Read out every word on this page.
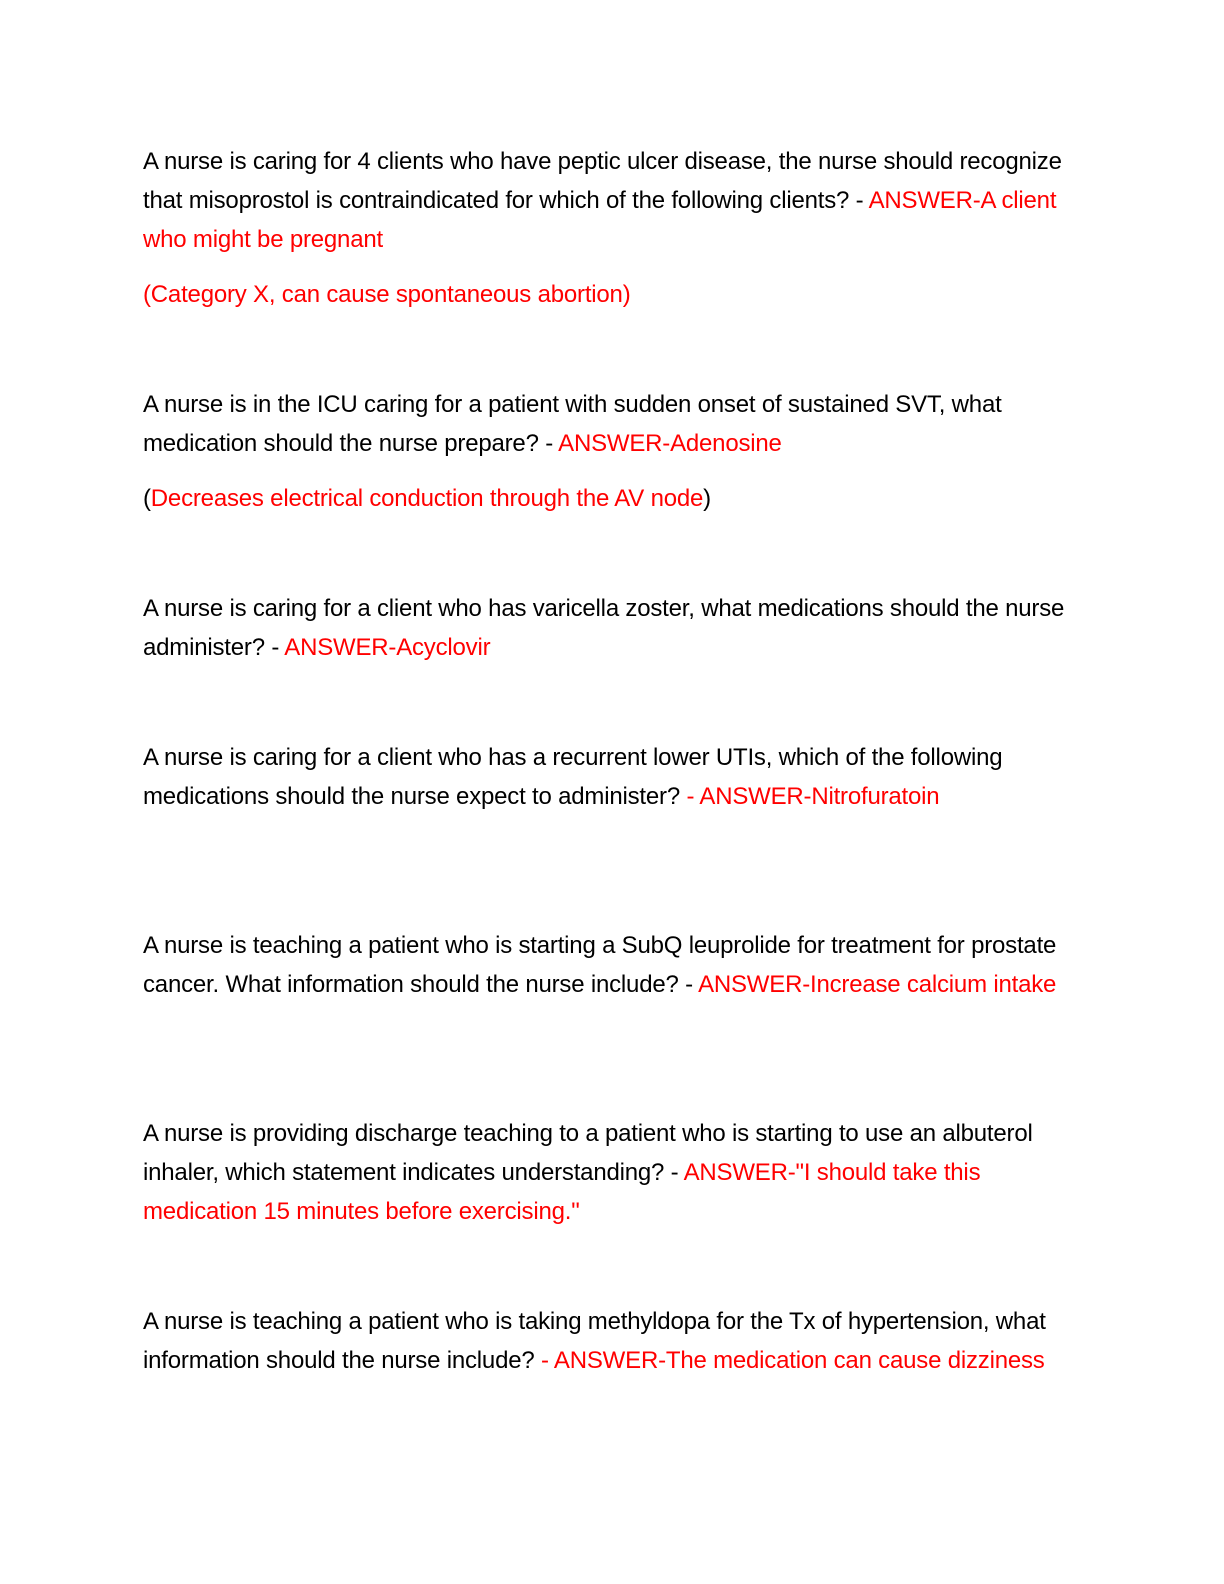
A nurse is caring for 4 clients who have peptic ulcer disease, the nurse should recognize that misoprostol is contraindicated for which of the following clients? - ANSWER-A client who might be pregnant
(Category X, can cause spontaneous abortion)
A nurse is in the ICU caring for a patient with sudden onset of sustained SVT, what medication should the nurse prepare? - ANSWER-Adenosine
(Decreases electrical conduction through the AV node)
A nurse is caring for a client who has varicella zoster, what medications should the nurse administer? - ANSWER-Acyclovir
A nurse is caring for a client who has a recurrent lower UTIs, which of the following medications should the nurse expect to administer? - ANSWER-Nitrofuratoin
A nurse is teaching a patient who is starting a SubQ leuprolide for treatment for prostate cancer. What information should the nurse include? - ANSWER-Increase calcium intake
A nurse is providing discharge teaching to a patient who is starting to use an albuterol inhaler, which statement indicates understanding? - ANSWER-"I should take this medication 15 minutes before exercising."
A nurse is teaching a patient who is taking methyldopa for the Tx of hypertension, what information should the nurse include? - ANSWER-The medication can cause dizziness
